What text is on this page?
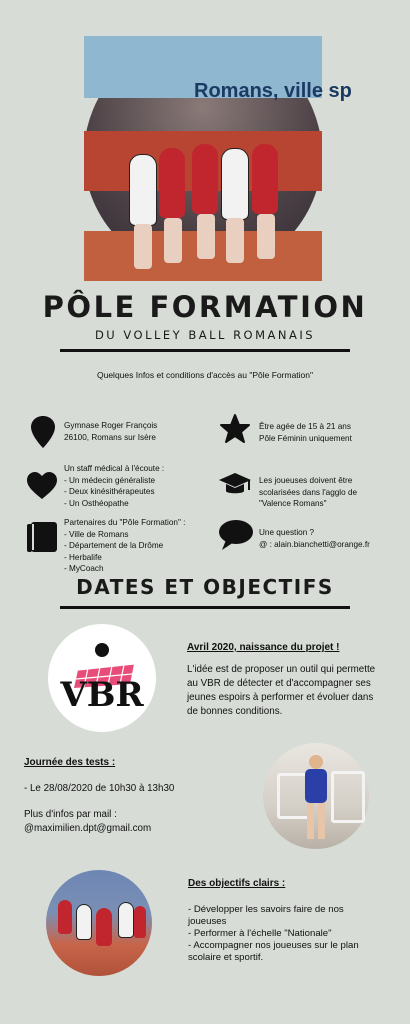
Romans, ville sp
PÔLE FORMATION
DU VOLLEY BALL ROMANAIS
Quelques Infos et conditions d'accès au "Pôle Formation"
Gymnase Roger François
26100, Romans sur Isère
Être agée de 15 à 21 ans
Pôle Féminin uniquement
Un staff médical à l'écoute :
- Un médecin généraliste
- Deux kinésithérapeutes
- Un Osthéopathe
Les joueuses doivent être
scolarisées dans l'agglo de
"Valence Romans"
Partenaires du "Pôle Formation" :
- Ville de Romans
- Département de la Drôme
- Herbalife
- MyCoach
Une question ?
@ : alain.bianchetti@orange.fr
DATES ET OBJECTIFS
VBR
Avril 2020, naissance du projet !
L'idée est de proposer un outil qui permette
au VBR de détecter et d'accompagner ses
jeunes espoirs à performer et évoluer dans
de bonnes conditions.
Journée des tests :
- Le 28/08/2020 de 10h30 à 13h30
Plus d'infos par mail :
@maximilien.dpt@gmail.com
Des objectifs clairs :
- Développer les savoirs faire de nos
joueuses
- Performer à l'échelle "Nationale"
- Accompagner nos joueuses sur le plan
scolaire et sportif.
